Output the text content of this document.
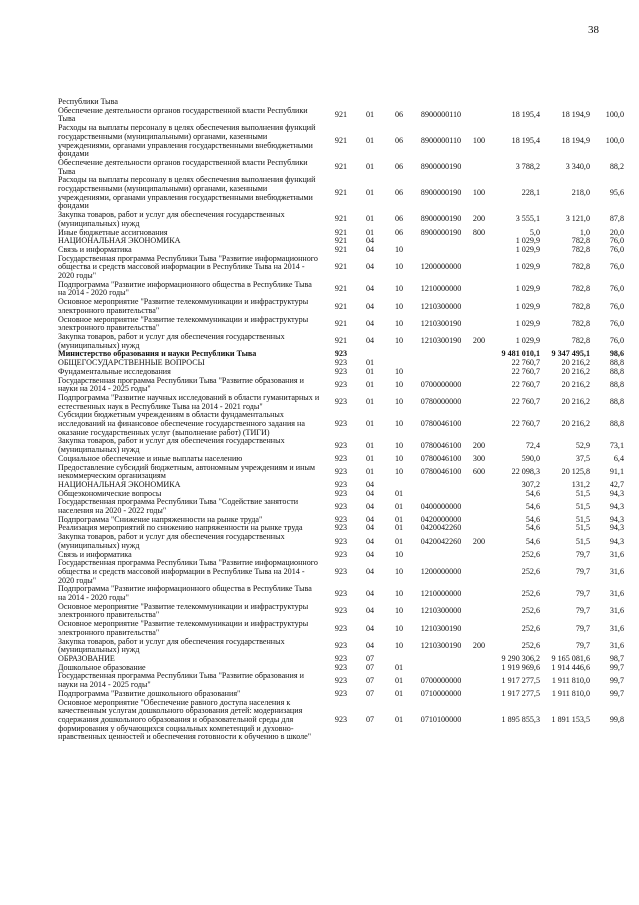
38
Республики Тыва								
Обеспечение деятельности органов государственной власти Республики Тыва	921	01	06	8900000110		18 195,4	18 194,9	100,0
Расходы на выплаты персоналу в целях обеспечения выполнения функций государственными (муниципальными) органами, казенными учреждениями, органами управления государственными внебюджетными фондами	921	01	06	8900000110	100	18 195,4	18 194,9	100,0
Обеспечение деятельности органов государственной власти Республики Тыва	921	01	06	8900000190		3 788,2	3 340,0	88,2
Расходы на выплаты персоналу в целях обеспечения выполнения функций государственными (муниципальными) органами, казенными учреждениями, органами управления государственными внебюджетными фондами	921	01	06	8900000190	100	228,1	218,0	95,6
Закупка товаров, работ и услуг для обеспечения государственных (муниципальных) нужд	921	01	06	8900000190	200	3 555,1	3 121,0	87,8
Иные бюджетные ассигнования	921	01	06	8900000190	800	5,0	1,0	20,0
НАЦИОНАЛЬНАЯ ЭКОНОМИКА	921	04				1 029,9	782,8	76,0
Связь и информатика	921	04	10			1 029,9	782,8	76,0
Государственная программа Республики Тыва "Развитие информационного общества и средств массовой информации в Республике Тыва на 2014 - 2020 годы"	921	04	10	1200000000		1 029,9	782,8	76,0
Подпрограмма "Развитие информационного общества в Республике Тыва на 2014 - 2020 годы"	921	04	10	1210000000		1 029,9	782,8	76,0
Основное мероприятие "Развитие телекоммуникации и инфраструктуры электронного правительства"	921	04	10	1210300000		1 029,9	782,8	76,0
Основное мероприятие "Развитие телекоммуникации и инфраструктуры электронного правительства"	921	04	10	1210300190		1 029,9	782,8	76,0
Закупка товаров, работ и услуг для обеспечения государственных (муниципальных) нужд	921	04	10	1210300190	200	1 029,9	782,8	76,0
Министерство образования и науки Республики Тыва	923					9 481 010,1	9 347 495,1	98,6
ОБЩЕГОСУДАРСТВЕННЫЕ ВОПРОСЫ	923	01				22 760,7	20 216,2	88,8
Фундаментальные исследования	923	01	10			22 760,7	20 216,2	88,8
Государственная программа Республики Тыва "Развитие образования и науки на 2014 - 2025 годы"	923	01	10	0700000000		22 760,7	20 216,2	88,8
Подпрограмма "Развитие научных исследований в области гуманитарных и естественных наук в Республике Тыва на 2014 - 2021 годы"	923	01	10	0780000000		22 760,7	20 216,2	88,8
Субсидии бюджетным учреждениям в области фундаментальных исследований на финансовое обеспечение государственного задания на оказание государственных услуг (выполнение работ) (ТИГИ)	923	01	10	0780046100		22 760,7	20 216,2	88,8
Закупка товаров, работ и услуг для обеспечения государственных (муниципальных) нужд	923	01	10	0780046100	200	72,4	52,9	73,1
Социальное обеспечение и иные выплаты населению	923	01	10	0780046100	300	590,0	37,5	6,4
Предоставление субсидий бюджетным, автономным учреждениям и иным некоммерческим организациям	923	01	10	0780046100	600	22 098,3	20 125,8	91,1
НАЦИОНАЛЬНАЯ ЭКОНОМИКА	923	04				307,2	131,2	42,7
Общеэкономические вопросы	923	04	01			54,6	51,5	94,3
Государственная программа Республики Тыва "Содействие занятости населения на 2020 - 2022 годы"	923	04	01	0400000000		54,6	51,5	94,3
Подпрограмма "Снижение напряженности на рынке труда"	923	04	01	0420000000		54,6	51,5	94,3
Реализация мероприятий по снижению напряженности на рынке труда	923	04	01	0420042260		54,6	51,5	94,3
Закупка товаров, работ и услуг для обеспечения государственных (муниципальных) нужд	923	04	01	0420042260	200	54,6	51,5	94,3
Связь и информатика	923	04	10			252,6	79,7	31,6
Государственная программа Республики Тыва "Развитие информационного общества и средств массовой информации в Республике Тыва на 2014 - 2020 годы"	923	04	10	1200000000		252,6	79,7	31,6
Подпрограмма "Развитие информационного общества в Республике Тыва на 2014 - 2020 годы"	923	04	10	1210000000		252,6	79,7	31,6
Основное мероприятие "Развитие телекоммуникации и инфраструктуры электронного правительства"	923	04	10	1210300000		252,6	79,7	31,6
Основное мероприятие "Развитие телекоммуникации и инфраструктуры электронного правительства"	923	04	10	1210300190		252,6	79,7	31,6
Закупка товаров, работ и услуг для обеспечения государственных (муниципальных) нужд	923	04	10	1210300190	200	252,6	79,7	31,6
ОБРАЗОВАНИЕ	923	07				9 290 306,2	9 165 081,6	98,7
Дошкольное образование	923	07	01			1 919 969,6	1 914 446,6	99,7
Государственная программа Республики Тыва "Развитие образования и науки на 2014 - 2025 годы"	923	07	01	0700000000		1 917 277,5	1 911 810,0	99,7
Подпрограмма "Развитие дошкольного образования"	923	07	01	0710000000		1 917 277,5	1 911 810,0	99,7
Основное мероприятие "Обеспечение равного доступа населения к качественным услугам дошкольного образования детей: модернизация содержания дошкольного образования и образовательной среды для формирования у обучающихся социальных компетенций и духовно-нравственных ценностей и обеспечения готовности к обучению в школе"	923	07	01	0710100000		1 895 855,3	1 891 153,5	99,8
